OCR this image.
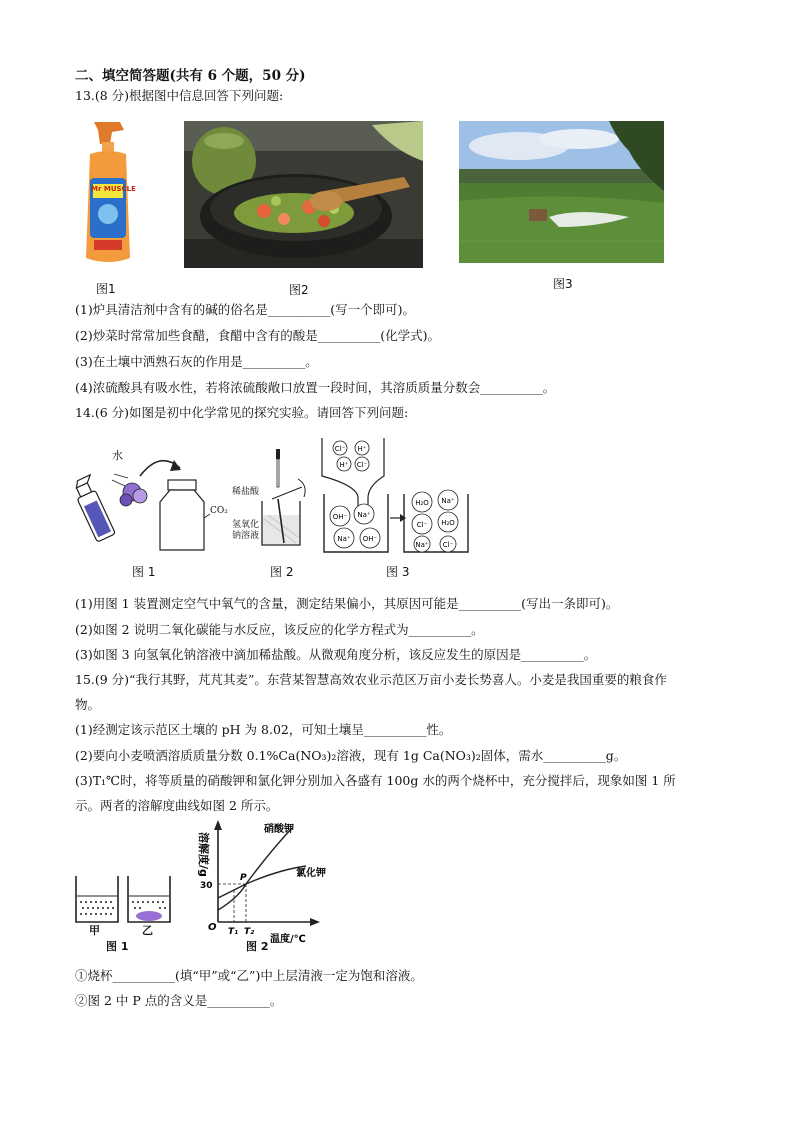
二、填空简答题(共有 6 个题，50 分)
13.(8 分)根据图中信息回答下列问题:
Mr MUSCLE
图1	图2	图3
(1)炉具清洁剂中含有的碱的俗名是__________(写一个即可)。
(2)炒菜时常常加些食醋，食醋中含有的酸是__________(化学式)。
(3)在土壤中洒熟石灰的作用是__________。
(4)浓硫酸具有吸水性，若将浓硫酸敞口放置一段时间，其溶质质量分数会__________。
14.(6 分)如图是初中化学常见的探究实验。请回答下列问题:
水
CO₂
图 1
稀盐酸
氢氧化
钠溶液
图 2
Cl⁻ H⁺
H⁺ Cl⁻
OH⁻ Na⁺
Na⁺ OH⁻
H₂O Na⁺
Cl⁻ H₂O
Na⁺ Cl⁻
图 3
(1)用图 1 装置测定空气中氧气的含量，测定结果偏小，其原因可能是__________(写出一条即可)。
(2)如图 2 说明二氧化碳能与水反应，该反应的化学方程式为__________。
(3)如图 3 向氢氧化钠溶液中滴加稀盐酸。从微观角度分析，该反应发生的原因是__________。
15.(9 分)“我行其野，芃芃其麦”。东营某智慧高效农业示范区万亩小麦长势喜人。小麦是我国重要的粮食作
物。
(1)经测定该示范区土壤的 pH 为 8.02，可知土壤呈__________性。
(2)要向小麦喷洒溶质质量分数 0.1%Ca(NO₃)₂溶液，现有 1g Ca(NO₃)₂固体，需水__________g。
(3)T₁℃时，将等质量的硝酸钾和氯化钾分别加入各盛有 100g 水的两个烧杯中，充分搅拌后，现象如图 1 所
示。两者的溶解度曲线如图 2 所示。
甲	乙
图 1
溶解度/g
温度/℃
30
T₁ T₂
O
P
硝酸钾
氯化钾
图 2
①烧杯__________(填“甲”或“乙”)中上层清液一定为饱和溶液。
②图 2 中 P 点的含义是__________。
